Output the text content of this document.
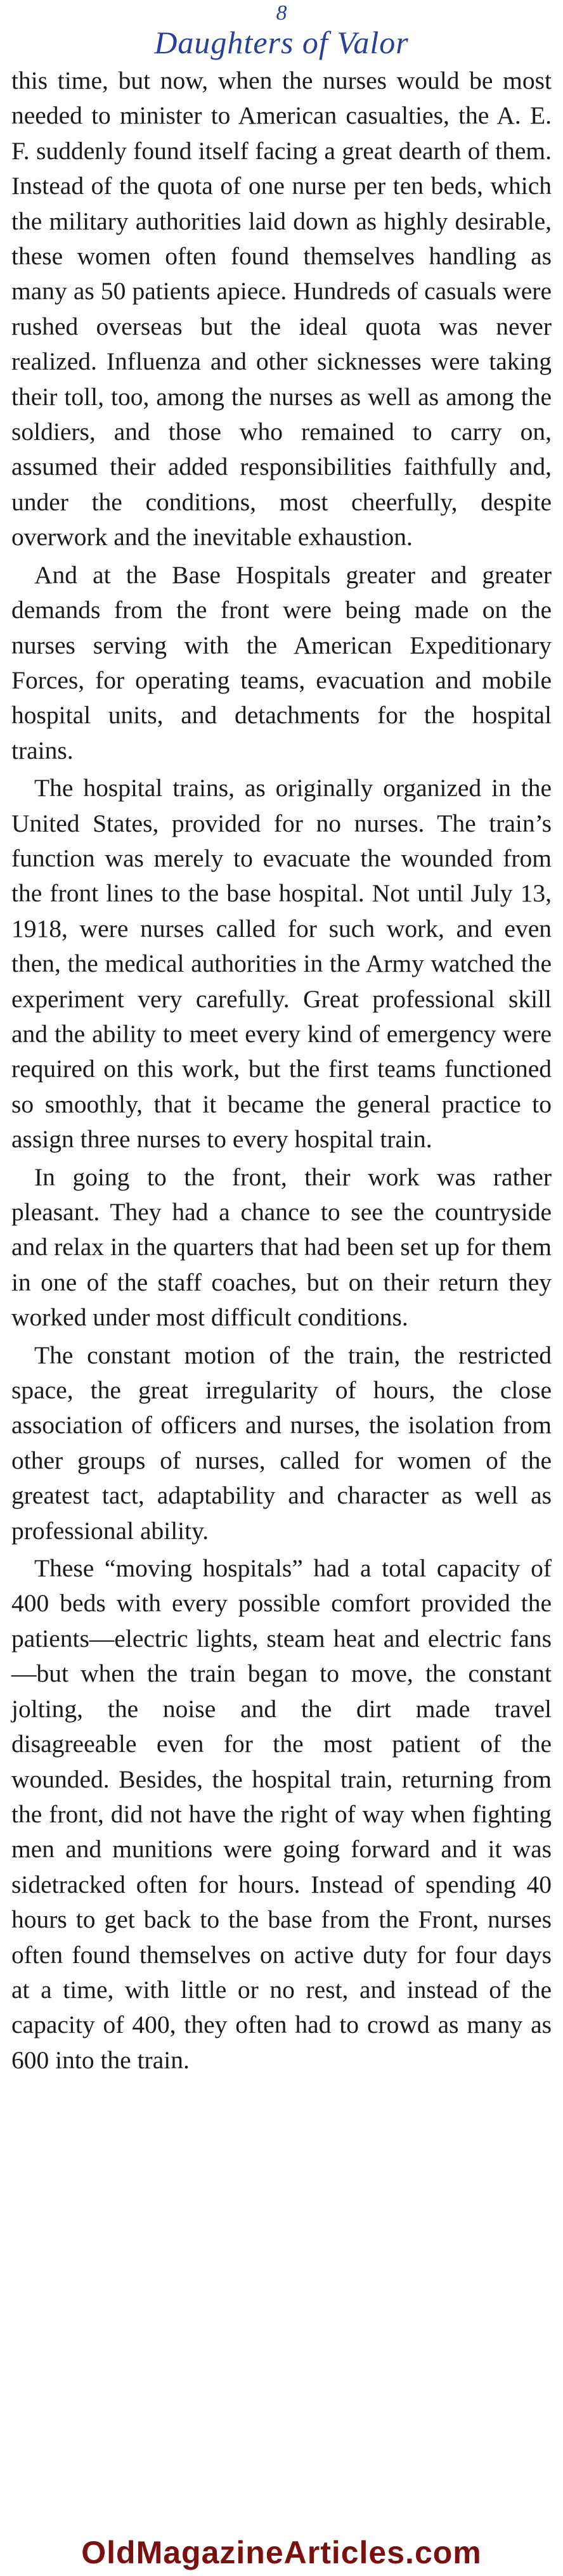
8
Daughters of Valor

this time, but now, when the nurses would be most needed to minister to American casualties, the A. E. F. suddenly found itself facing a great dearth of them. Instead of the quota of one nurse per ten beds, which the military authorities laid down as highly desirable, these women often found themselves handling as many as 50 patients apiece. Hundreds of casuals were rushed overseas but the ideal quota was never realized. Influenza and other sicknesses were taking their toll, too, among the nurses as well as among the soldiers, and those who remained to carry on, assumed their added responsibilities faithfully and, under the conditions, most cheerfully, despite overwork and the inevitable exhaustion.

And at the Base Hospitals greater and greater demands from the front were being made on the nurses serving with the American Expeditionary Forces, for operating teams, evacuation and mobile hospital units, and detachments for the hospital trains.

The hospital trains, as originally organized in the United States, provided for no nurses. The train’s function was merely to evacuate the wounded from the front lines to the base hospital. Not until July 13, 1918, were nurses called for such work, and even then, the medical authorities in the Army watched the experiment very carefully. Great professional skill and the ability to meet every kind of emergency were required on this work, but the first teams functioned so smoothly, that it became the general practice to assign three nurses to every hospital train.

In going to the front, their work was rather pleasant. They had a chance to see the countryside and relax in the quarters that had been set up for them in one of the staff coaches, but on their return they worked under most difficult conditions.

The constant motion of the train, the restricted space, the great irregularity of hours, the close association of officers and nurses, the isolation from other groups of nurses, called for women of the greatest tact, adaptability and character as well as professional ability.

These “moving hospitals” had a total capacity of 400 beds with every possible comfort provided the patients—electric lights, steam heat and electric fans—but when the train began to move, the constant jolting, the noise and the dirt made travel disagreeable even for the most patient of the wounded. Besides, the hospital train, returning from the front, did not have the right of way when fighting men and munitions were going forward and it was sidetracked often for hours. Instead of spending 40 hours to get back to the base from the Front, nurses often found themselves on active duty for four days at a time, with little or no rest, and instead of the capacity of 400, they often had to crowd as many as 600 into the train.

OldMagazineArticles.com
